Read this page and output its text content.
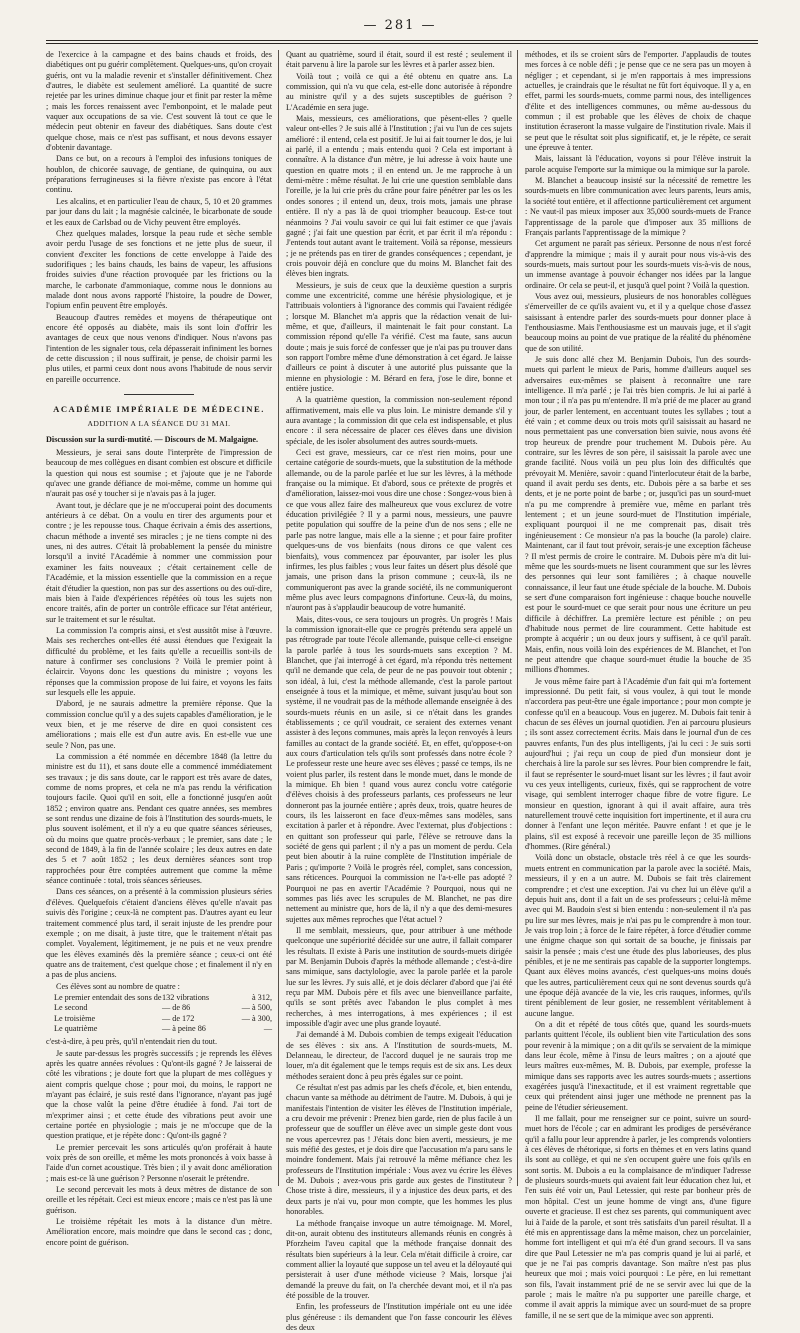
— 281 —

de l'exercice à la campagne et des bains chauds et froids, des diabétiques ont pu guérir complètement. Quelques-uns, qu'on croyait guéris, ont vu la maladie revenir et s'installer définitivement. Chez d'autres, le diabète est seulement amélioré. La quantité de sucre rejetée par les urines diminue chaque jour et finit par rester la même ; mais les forces renaissent avec l'embonpoint, et le malade peut vaquer aux occupations de sa vie. C'est souvent là tout ce que le médecin peut obtenir en faveur des diabétiques. Sans doute c'est quelque chose, mais ce n'est pas suffisant, et nous devons essayer d'obtenir davantage.

Dans ce but, on a recours à l'emploi des infusions toniques de houblon, de chicorée sauvage, de gentiane, de quinquina, ou aux préparations ferrugineuses si la fièvre n'existe pas encore à l'état continu.

Les alcalins, et en particulier l'eau de chaux, 5, 10 et 20 grammes par jour dans du lait ; la magnésie calcinée, le bicarbonate de soude et les eaux de Carlsbad ou de Vichy peuvent être employés.

Chez quelques malades, lorsque la peau rude et sèche semble avoir perdu l'usage de ses fonctions et ne jette plus de sueur, il convient d'exciter les fonctions de cette enveloppe à l'aide des sudorifiques ; les bains chauds, les bains de vapeur, les affusions froides suivies d'une réaction provoquée par les frictions ou la marche, le carbonate d'ammoniaque, comme nous le donnions au malade dont nous avons rapporté l'histoire, la poudre de Dower, l'opium enfin peuvent être employés.

Beaucoup d'autres remèdes et moyens de thérapeutique ont encore été opposés au diabète, mais ils sont loin d'offrir les avantages de ceux que nous venons d'indiquer. Nous n'avons pas l'intention de les signaler tous, cela dépasserait infiniment les bornes de cette discussion ; il nous suffirait, je pense, de choisir parmi les plus utiles, et parmi ceux dont nous avons l'habitude de nous servir en pareille occurrence.

ACADÉMIE IMPÉRIALE DE MÉDECINE.
ADDITION A LA SÉANCE DU 31 MAI.
Discussion sur la surdi-mutité. — Discours de M. Malgaigne.

Messieurs, je serai sans doute l'interprète de l'impression de beaucoup de mes collègues en disant combien est obscure et difficile la question qui nous est soumise ; et j'ajoute que je ne l'aborde qu'avec une grande défiance de moi-même, comme un homme qui n'aurait pas osé y toucher si je n'avais pas à la juger.

Avant tout, je déclare que je ne m'occuperai point des documents antérieurs à ce débat. On a voulu en tirer des arguments pour et contre ; je les repousse tous. Chaque écrivain a émis des assertions, chacun méthode a inventé ses miracles ; je ne tiens compte ni des unes, ni des autres. C'était là probablement la pensée du ministre lorsqu'il a invité l'Académie à nommer une commission pour examiner les faits nouveaux ; c'était certainement celle de l'Académie, et la mission essentielle que la commission en a reçue était d'étudier la question, non pas sur des assertions ou des ouï-dire, mais bien à l'aide d'expériences répétées où tous les sujets non encore traités, afin de porter un contrôle efficace sur l'état antérieur, sur le traitement et sur le résultat.

La commission l'a compris ainsi, et s'est aussitôt mise à l'œuvre. Mais ses recherches ont-elles été aussi étendues que l'exigeait la difficulté du problème, et les faits qu'elle a recueillis sont-ils de nature à confirmer ses conclusions ? Voilà le premier point à éclaircir. Voyons donc les questions du ministre ; voyons les réponses que la commission propose de lui faire, et voyons les faits sur lesquels elle les appuie.

D'abord, je ne saurais admettre la première réponse. Que la commission conclue qu'il y a des sujets capables d'amélioration, je le veux bien, et je me réserve de dire en quoi consistent ces améliorations ; mais elle est d'un autre avis. En est-elle vue une seule ? Non, pas une.

La commission a été nommée en décembre 1848 (la lettre du ministre est du 11), et sans doute elle a commencé immédiatement ses travaux ; je dis sans doute, car le rapport est très avare de dates, comme de noms propres, et cela ne m'a pas rendu la vérification toujours facile. Quoi qu'il en soit, elle a fonctionné jusqu'en août 1852 ; environ quatre ans. Pendant ces quatre années, ses membres se sont rendus une dizaine de fois à l'Institution des sourds-muets, le plus souvent isolément, et il n'y a eu que quatre séances sérieuses, où du moins que quatre procès-verbaux ; le premier, sans date ; le second de 1849, à la fin de l'année scolaire ; les deux autres en date des 5 et 7 août 1852 ; les deux dernières séances sont trop rapprochées pour être comptées autrement que comme la même séance continuée : total, trois séances sérieuses.

Dans ces séances, on a présenté à la commission plusieurs séries d'élèves. Quelquefois c'étaient d'anciens élèves qu'elle n'avait pas suivis dès l'origine ; ceux-là ne comptent pas. D'autres ayant eu leur traitement commencé plus tard, il serait injuste de les prendre pour exemple ; on me disait, à juste titre, que le traitement n'était pas complet. Voyalement, légitimement, je ne puis et ne veux prendre que les élèves examinés dès la première séance ; ceux-ci ont été quatre ans de traitement, c'est quelque chose ; et finalement il n'y en a pas de plus anciens.

Ces élèves sont au nombre de quatre :

Le premier entendait des sons de 132 vibrations	à 312,
Le second	— de 86	— à 500,
Le troisième	— de 172	— à 300,
Le quatrième	— à peine 86	—

c'est-à-dire, à peu près, qu'il n'entendait rien du tout.

Je saute par-dessus les progrès successifs ; je reprends les élèves après les quatre années révolues : Qu'ont-ils gagné ? Je laisserai de côté les vibrations ; je doute fort que la plupart de mes collègues y aient compris quelque chose ; pour moi, du moins, le rapport ne m'ayant pas éclairé, je suis resté dans l'ignorance, n'ayant pas jugé que la chose valût la peine d'être étudiée à fond. J'ai tort de m'exprimer ainsi ; et cette étude des vibrations peut avoir une certaine portée en physiologie ; mais je ne m'occupe que de la question pratique, et je répète donc : Qu'ont-ils gagné ?

Le premier percevait les sons articulés qu'on proférait à haute voix près de son oreille, et même les mots prononcés à voix basse à l'aide d'un cornet acoustique. Très bien ; il y avait donc amélioration ; mais est-ce là une guérison ? Personne n'oserait le prétendre.

Le second percevait les mots à deux mètres de distance de son oreille et les répétait. Ceci est mieux encore ; mais ce n'est pas là une guérison.

Le troisième répétait les mots à la distance d'un mètre. Amélioration encore, mais moindre que dans le second cas ; donc, encore point de guérison.

Quant au quatrième, sourd il était, sourd il est resté ; seulement il était parvenu à lire la parole sur les lèvres et à parler assez bien.

Voilà tout ; voilà ce qui a été obtenu en quatre ans. La commission, qui n'a vu que cela, est-elle donc autorisée à répondre au ministre qu'il y a des sujets susceptibles de guérison ? L'Académie en sera juge.

Mais, messieurs, ces améliorations, que pèsent-elles ? quelle valeur ont-elles ? Je suis allé à l'Institution ; j'ai vu l'un de ces sujets amélioré : il entend, cela est positif. Je lui ai fait tourner le dos, je lui ai parlé, il a entendu ; mais entendu quoi ? Cela est important à connaître. A la distance d'un mètre, je lui adresse à voix haute une question en quatre mots ; il en entend un. Je me rapproche à un demi-mètre : même résultat. Je lui crie une question semblable dans l'oreille, je la lui crie près du crâne pour faire pénétrer par les os les ondes sonores ; il entend un, deux, trois mots, jamais une phrase entière. Il n'y a pas là de quoi triompher beaucoup. Est-ce tout néanmoins ? J'ai voulu savoir ce qui lui fait estimer ce que j'avais gagné ; j'ai fait une question par écrit, et par écrit il m'a répondu : J'entends tout autant avant le traitement. Voilà sa réponse, messieurs ; je ne prétends pas en tirer de grandes conséquences ; cependant, je crois pouvoir déjà en conclure que du moins M. Blanchet fait des élèves bien ingrats.

Messieurs, je suis de ceux que la deuxième question a surpris comme une excentricité, comme une hérésie physiologique, et je l'attribuais volontiers à l'ignorance des commis qui l'avaient rédigée ; lorsque M. Blanchet m'a appris que la rédaction venait de lui-même, et que, d'ailleurs, il maintenait le fait pour constant. La commission répond qu'elle l'a vérifié. C'est ma faute, sans aucun doute ; mais je suis forcé de confesser que je n'ai pas pu trouver dans son rapport l'ombre même d'une démonstration à cet égard. Je laisse d'ailleurs ce point à discuter à une autorité plus puissante que la mienne en physiologie : M. Bérard en fera, j'ose le dire, bonne et entière justice.

A la quatrième question, la commission non-seulement répond affirmativement, mais elle va plus loin. Le ministre demande s'il y aura avantage ; la commission dit que cela est indispensable, et plus encore : il sera nécessaire de placer ces élèves dans une division spéciale, de les isoler absolument des autres sourds-muets.

Ceci est grave, messieurs, car ce n'est rien moins, pour une certaine catégorie de sourds-muets, que la substitution de la méthode allemande, ou de la parole parlée et lue sur les lèvres, à la méthode française ou la mimique. Et d'abord, sous ce prétexte de progrès et d'amélioration, laissez-moi vous dire une chose : Songez-vous bien à ce que vous allez faire des malheureux que vous exclurez de votre éducation privilégiée ? Il y a parmi nous, messieurs, une pauvre petite population qui souffre de la peine d'un de nos sens ; elle ne parle pas notre langue, mais elle a la sienne ; et pour faire profiter quelques-uns de vos bienfaits (nous dirons ce que valent ces bienfaits), vous commencez par épouvanter, par isoler les plus infirmes, les plus faibles ; vous leur faites un désert plus désolé que jamais, une prison dans la prison commune ; ceux-là, ils ne communiqueront pas avec la grande société, ils ne communiqueront même plus avec leurs compagnons d'infortune. Ceux-là, du moins, n'auront pas à s'applaudir beaucoup de votre humanité.

Mais, dites-vous, ce sera toujours un progrès. Un progrès ! Mais la commission ignorait-elle que ce progrès prétendu sera appelé un pas rétrograde par toute l'école allemande, puisque celle-ci enseigne la parole parlée à tous les sourds-muets sans exception ? M. Blanchet, que j'ai interrogé à cet égard, m'a répondu très nettement qu'il ne demande que cela, de peur de ne pas pouvoir tout obtenir ; son idéal, à lui, c'est la méthode allemande, c'est la parole partout enseignée à tous et la mimique, et même, suivant jusqu'au bout son système, il ne voudrait pas de la méthode allemande enseignée à des sourds-muets réunis en un asile, si ce n'était dans les grandes établissements ; ce qu'il voudrait, ce seraient des externes venant assister à des leçons communes, mais après la leçon renvoyés à leurs familles au contact de la grande société. Et, en effet, qu'oppose-t-on aux cours d'articulation tels qu'ils sont professés dans notre école ? Le professeur reste une heure avec ses élèves ; passé ce temps, ils ne voient plus parler, ils restent dans le monde muet, dans le monde de la mimique. Eh bien ! quand vous aurez conclu votre catégorie d'élèves choisis à des professeurs parlants, ces professeurs ne leur donneront pas la journée entière ; après deux, trois, quatre heures de cours, ils les laisseront en face d'eux-mêmes sans modèles, sans excitation à parler et à répondre. Avec l'externat, plus d'objections : en quittant son professeur qui parle, l'élève se retrouve dans la société de gens qui parlent ; il n'y a pas un moment de perdu. Cela peut bien aboutir à la ruine complète de l'Institution impériale de Paris ; qu'importe ? Voilà le progrès réel, complet, sans concession, sans réticences. Pourquoi la commission ne l'a-t-elle pas adopté ? Pourquoi ne pas en avertir l'Académie ? Pourquoi, nous qui ne sommes pas liés avec les scrupules de M. Blanchet, ne pas dire nettement au ministre que, hors de là, il n'y a que des demi-mesures sujettes aux mêmes reproches que l'état actuel ?

Il me semblait, messieurs, que, pour attribuer à une méthode quelconque une supériorité décidée sur une autre, il fallait comparer les résultats. Il existe à Paris une institution de sourds-muets dirigée par M. Benjamin Dubois d'après la méthode allemande ; c'est-à-dire sans mimique, sans dactylologie, avec la parole parlée et la parole lue sur les lèvres. J'y suis allé, et je dois déclarer d'abord que j'ai été reçu par MM. Dubois père et fils avec une bienveillance parfaite, qu'ils se sont prêtés avec l'abandon le plus complet à mes recherches, à mes interrogations, à mes expériences ; il est impossible d'agir avec une plus grande loyauté.

J'ai demandé à M. Dubois combien de temps exigeait l'éducation de ses élèves : six ans. A l'Institution de sourds-muets, M. Delanneau, le directeur, de l'accord duquel je ne saurais trop me louer, m'a dit également que le temps requis est de six ans. Les deux méthodes seraient donc à peu près égales sur ce point.

Ce résultat n'est pas admis par les chefs d'école, et, bien entendu, chacun vante sa méthode au détriment de l'autre. M. Dubois, à qui je manifestais l'intention de visiter les élèves de l'Institution impériale, a cru devoir me prévenir : Prenez bien garde, rien de plus facile à un professeur que de souffler un élève avec un simple geste dont vous ne vous apercevrez pas ! J'étais donc bien averti, messieurs, je me suis méfié des gestes, et je dois dire que l'accusation m'a paru sans le moindre fondement. Mais j'ai retrouvé la même méfiance chez les professeurs de l'Institution impériale : Vous avez vu écrire les élèves de M. Dubois ; avez-vous pris garde aux gestes de l'instituteur ? Chose triste à dire, messieurs, il y a injustice des deux parts, et des deux parts je n'ai vu, pour mon compte, que les hommes les plus honorables.

La méthode française invoque un autre témoignage. M. Morel, dit-on, aurait obtenu des instituteurs allemands réunis en congrès à Pforzheim l'aveu capital que la méthode française donnait des résultats bien supérieurs à la leur. Cela m'était difficile à croire, car comment allier la loyauté que suppose un tel aveu et la déloyauté qui persisterait à user d'une méthode vicieuse ? Mais, lorsque j'ai demandé la preuve du fait, on l'a cherchée devant moi, et il n'a pas été possible de la trouver.

Enfin, les professeurs de l'Institution impériale ont eu une idée plus généreuse : ils demandent que l'on fasse concourir les élèves des deux

méthodes, et ils se croient sûrs de l'emporter. J'applaudis de toutes mes forces à ce noble défi ; je pense que ce ne sera pas un moyen à négliger ; et cependant, si je m'en rapportais à mes impressions actuelles, je craindrais que le résultat ne fût fort équivoque. Il y a, en effet, parmi les sourds-muets, comme parmi nous, des intelligences d'élite et des intelligences communes, ou même au-dessous du commun ; il est probable que les élèves de choix de chaque institution écraseront la masse vulgaire de l'institution rivale. Mais il se peut que le résultat soit plus significatif, et, je le répète, ce serait une épreuve à tenter.

Mais, laissant là l'éducation, voyons si pour l'élève instruit la parole acquise l'emporte sur la mimique ou la mimique sur la parole.

M. Blanchet a beaucoup insisté sur la nécessité de remettre les sourds-muets en libre communication avec leurs parents, leurs amis, la société tout entière, et il affectionne particulièrement cet argument : Ne vaut-il pas mieux imposer aux 35,000 sourds-muets de France l'apprentissage de la parole que d'imposer aux 35 millions de Français parlants l'apprentissage de la mimique ?

Cet argument ne paraît pas sérieux. Personne de nous n'est forcé d'apprendre la mimique ; mais il y aurait pour nous vis-à-vis des sourds-muets, mais surtout pour les sourds-muets vis-à-vis de nous, un immense avantage à pouvoir échanger nos idées par la langue ordinaire. Or cela se peut-il, et jusqu'à quel point ? Voilà la question.

Vous avez oui, messieurs, plusieurs de nos honorables collègues s'émerveiller de ce qu'ils avaient vu, et il y a quelque chose d'assez saisissant à entendre parler des sourds-muets pour donner place à l'enthousiasme. Mais l'enthousiasme est un mauvais juge, et il s'agit beaucoup moins au point de vue pratique de la réalité du phénomène que de son utilité.

Je suis donc allé chez M. Benjamin Dubois, l'un des sourds-muets qui parlent le mieux de Paris, homme d'ailleurs auquel ses adversaires eux-mêmes se plaisent à reconnaître une rare intelligence. Il m'a parlé ; je l'ai très bien compris. Je lui ai parlé à mon tour ; il n'a pas pu m'entendre. Il m'a prié de me placer au grand jour, de parler lentement, en accentuant toutes les syllabes ; tout a été vain ; et comme deux ou trois mots qu'il saisissait au hasard ne nous permettaient pas une conversation bien suivie, nous avons été trop heureux de prendre pour truchement M. Dubois père. Au contraire, sur les lèvres de son père, il saisissait la parole avec une grande facilité. Nous voilà un peu plus loin des difficultés que prévoyait M. Menière, savoir : quand l'interlocuteur était de la barbe, quand il avait perdu ses dents, etc. Dubois père a sa barbe et ses dents, et je ne porte point de barbe ; or, jusqu'ici pas un sourd-muet n'a pu me comprendre à première vue, même en parlant très lentement ; et un jeune sourd-muet de l'Institution impériale, expliquant pourquoi il ne me comprenait pas, disait très ingénieusement : Ce monsieur n'a pas la bouche (la parole) claire. Maintenant, car il faut tout prévoir, serais-je une exception fâcheuse ? Il m'est permis de croire le contraire. M. Dubois père m'a dit lui-même que les sourds-muets ne lisent couramment que sur les lèvres des personnes qui leur sont familières ; à chaque nouvelle connaissance, il leur faut une étude spéciale de la bouche. M. Dubois se sert d'une comparaison fort ingénieuse : chaque bouche nouvelle est pour le sourd-muet ce que serait pour nous une écriture un peu difficile à déchiffrer. La première lecture est pénible ; on peu d'habitude nous permet de lire couramment. Cette habitude est prompte à acquérir ; un ou deux jours y suffisent, à ce qu'il paraît. Mais, enfin, nous voilà loin des expériences de M. Blanchet, et l'on ne peut attendre que chaque sourd-muet étudie la bouche de 35 millions d'hommes.

Je vous même faire part à l'Académie d'un fait qui m'a fortement impressionné. Du petit fait, si vous voulez, à qui tout le monde n'accordera pas peut-être une égale importance ; pour mon compte je confesse qu'il en a beaucoup. Vous en jugerez. M. Dubois fait tenir à chacun de ses élèves un journal quotidien. J'en ai parcouru plusieurs ; ils sont assez correctement écrits. Mais dans le journal d'un de ces pauvres enfants, l'un des plus intelligents, j'ai lu ceci : Je suis sorti aujourd'hui ; j'ai reçu un coup de pied d'un monsieur dont je cherchais à lire la parole sur ses lèvres. Pour bien comprendre le fait, il faut se représenter le sourd-muet lisant sur les lèvres ; il faut avoir vu ces yeux intelligents, curieux, fixés, qui se rapprochent de votre visage, qui semblent interroger chaque fibre de votre figure. Le monsieur en question, ignorant à qui il avait affaire, aura très naturellement trouvé cette inquisition fort impertinente, et il aura cru donner à l'enfant une leçon méritée. Pauvre enfant ! et que je le plains, s'il est exposé à recevoir une pareille leçon de 35 millions d'hommes. (Rire général.)

Voilà donc un obstacle, obstacle très réel à ce que les sourds-muets entrent en communication par la parole avec la société. Mais, messieurs, il y en a un autre. M. Dubois se fait très clairement comprendre ; et c'est une exception. J'ai vu chez lui un élève qu'il a depuis huit ans, dont il a fait un de ses professeurs ; celui-là même avec qui M. Baudoin s'est si bien entendu : non-seulement il n'a pas pu lire sur mes lèvres, mais je n'ai pas pu le comprendre à mon tour. Je vais trop loin ; à force de le faire répéter, à force d'étudier comme une énigme chaque son qui sortait de sa bouche, je finissais par saisir la pensée ; mais c'est une étude des plus laborieuses, des plus pénibles, et je ne me sentirais pas capable de la supporter longtemps. Quant aux élèves moins avancés, c'est quelques-uns moins doués que les autres, particulièrement ceux qui ne sont devenus sourds qu'à une époque déjà avancée de la vie, les cris rauques, informes, qu'ils tirent péniblement de leur gosier, ne ressemblent véritablement à aucune langue.

On a dit et répété de tous côtés que, quand les sourds-muets parlants quittent l'école, ils oublient bien vite l'articulation des sons pour revenir à la mimique ; on a dit qu'ils se servaient de la mimique dans leur école, même à l'insu de leurs maîtres ; on a ajouté que leurs maîtres eux-mêmes, M. B. Dubois, par exemple, professe la mimique dans ses rapports avec les autres sourds-muets ; assertions exagérées jusqu'à l'inexactitude, et il est vraiment regrettable que ceux qui prétendent ainsi juger une méthode ne prennent pas la peine de l'étudier sérieusement.

Il me fallait, pour me renseigner sur ce point, suivre un sourd-muet hors de l'école ; car en admirant les prodiges de persévérance qu'il a fallu pour leur apprendre à parler, je les comprends volontiers à ces élèves de rhétorique, si forts en thèmes et en vers latins quand ils sont au collège, et qui ne s'en occupent guère une fois qu'ils en sont sortis. M. Dubois a eu la complaisance de m'indiquer l'adresse de plusieurs sourds-muets qui avaient fait leur éducation chez lui, et l'en suis été voir un, Paul Letessier, qui reste par bonheur près de mon hôpital. C'est un jeune homme de vingt ans, d'une figure ouverte et gracieuse. Il est chez ses parents, qui communiquent avec lui à l'aide de la parole, et sont très satisfaits d'un pareil résultat. Il a été mis en apprentissage dans la même maison, chez un porcelainier, homme fort intelligent et qui m'a été d'un grand secours. Il va sans dire que Paul Letessier ne m'a pas compris quand je lui ai parlé, et que je ne l'ai pas compris davantage. Son maître n'est pas plus heureux que moi ; mais voici pourquoi : Le père, en lui remettant son fils, l'avait instamment prié de ne se servir avec lui que de la parole ; mais le maître n'a pu supporter une pareille charge, et comme il avait appris la mimique avec un sourd-muet de sa propre famille, il ne se sert que de la mimique avec son apprenti.
